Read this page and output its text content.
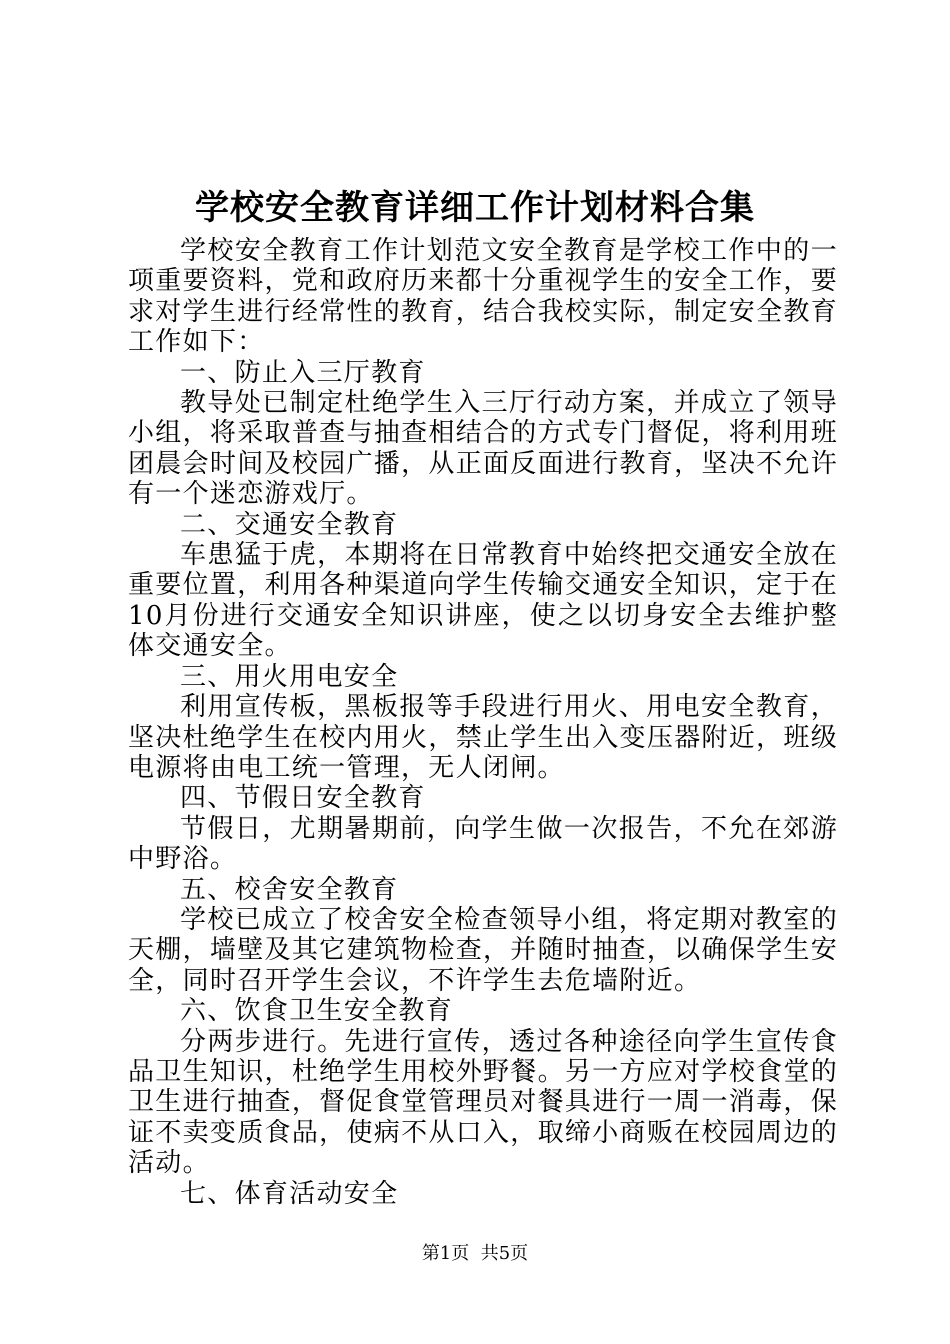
学校安全教育详细工作计划材料合集

学校安全教育工作计划范文安全教育是学校工作中的一项重要资料，党和政府历来都十分重视学生的安全工作，要求对学生进行经常性的教育，结合我校实际，制定安全教育工作如下：

一、防止入三厅教育

教导处已制定杜绝学生入三厅行动方案，并成立了领导小组，将采取普查与抽查相结合的方式专门督促，将利用班团晨会时间及校园广播，从正面反面进行教育，坚决不允许有一个迷恋游戏厅。

二、交通安全教育

车患猛于虎，本期将在日常教育中始终把交通安全放在重要位置，利用各种渠道向学生传输交通安全知识，定于在10月份进行交通安全知识讲座，使之以切身安全去维护整体交通安全。

三、用火用电安全

利用宣传板，黑板报等手段进行用火、用电安全教育，坚决杜绝学生在校内用火，禁止学生出入变压器附近，班级电源将由电工统一管理，无人闭闸。

四、节假日安全教育

节假日，尤期暑期前，向学生做一次报告，不允在郊游中野浴。

五、校舍安全教育

学校已成立了校舍安全检查领导小组，将定期对教室的天棚，墙壁及其它建筑物检查，并随时抽查，以确保学生安全，同时召开学生会议，不许学生去危墙附近。

六、饮食卫生安全教育

分两步进行。先进行宣传，透过各种途径向学生宣传食品卫生知识，杜绝学生用校外野餐。另一方应对学校食堂的卫生进行抽查，督促食堂管理员对餐具进行一周一消毒，保证不卖变质食品，使病不从口入，取缔小商贩在校园周边的活动。

七、体育活动安全

第1页 共5页
